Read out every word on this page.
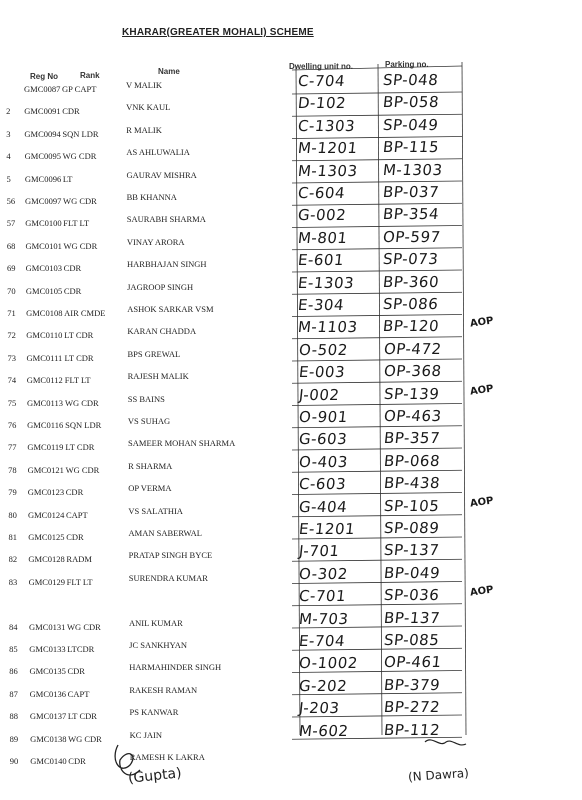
KHARAR(GREATER MOHALI) SCHEME
Reg No	Rank	Name
Dwelling unit no.	Parking no.
GMC0087 GP CAPT	V MALIK	C-704 SP-048
2 GMC0091 CDR	VNK KAUL	D-102 BP-058
3 GMC0094 SQN LDR	R MALIK	C-1303 SP-049
4 GMC0095 WG CDR	AS AHLUWALIA	M-1201 BP-115
5 GMC0096 LT	GAURAV MISHRA	M-1303 M-1303
56 GMC0097 WG CDR	BB KHANNA	C-604 BP-037
57 GMC0100 FLT LT	SAURABH SHARMA	G-002 BP-354
68 GMC0101 WG CDR	VINAY ARORA	M-801 OP-597
69 GMC0103 CDR	HARBHAJAN SINGH	E-601 SP-073
70 GMC0105 CDR	JAGROOP SINGH	E-1303 BP-360
71 GMC0108 AIR CMDE	ASHOK SARKAR VSM	E-304 SP-086
72 GMC0110 LT CDR	KARAN CHADDA	M-1103 BP-120	AOP
73 GMC0111 LT CDR	BPS GREWAL	O-502 OP-472
74 GMC0112 FLT LT	RAJESH MALIK	E-003 OP-368
75 GMC0113 WG CDR	SS BAINS	J-002	SP-139	AOP
76 GMC0116 SQN LDR	VS SUHAG	O-901 OP-463
77 GMC0119 LT CDR	SAMEER MOHAN SHARMA	G-603 BP-357
78 GMC0121 WG CDR	R SHARMA	O-403 BP-068
79 GMC0123 CDR	OP VERMA	C-603 BP-438
80 GMC0124 CAPT	VS SALATHIA	G-404 SP-105	AOP
81 GMC0125 CDR	AMAN SABERWAL	E-1201 SP-089
82 GMC0128 RADM	PRATAP SINGH BYCE	J-701	SP-137
83 GMC0129 FLT LT	SURENDRA KUMAR	O-302 BP-049
C-701 SP-036	AOP
84 GMC0131 WG CDR	ANIL KUMAR	M-703 BP-137
85 GMC0133 LTCDR	JC SANKHYAN	E-704 SP-085
86 GMC0135 CDR	HARMAHINDER SINGH	O-1002 OP-461
87 GMC0136 CAPT	RAKESH RAMAN	G-202 BP-379
88 GMC0137 LT CDR	PS KANWAR	J-203	BP-272
89 GMC0138 WG CDR	KC JAIN	M-602 BP-112
90 GMC0140 CDR	RAMESH K LAKRA
(Gupta)	(N Dawra)
